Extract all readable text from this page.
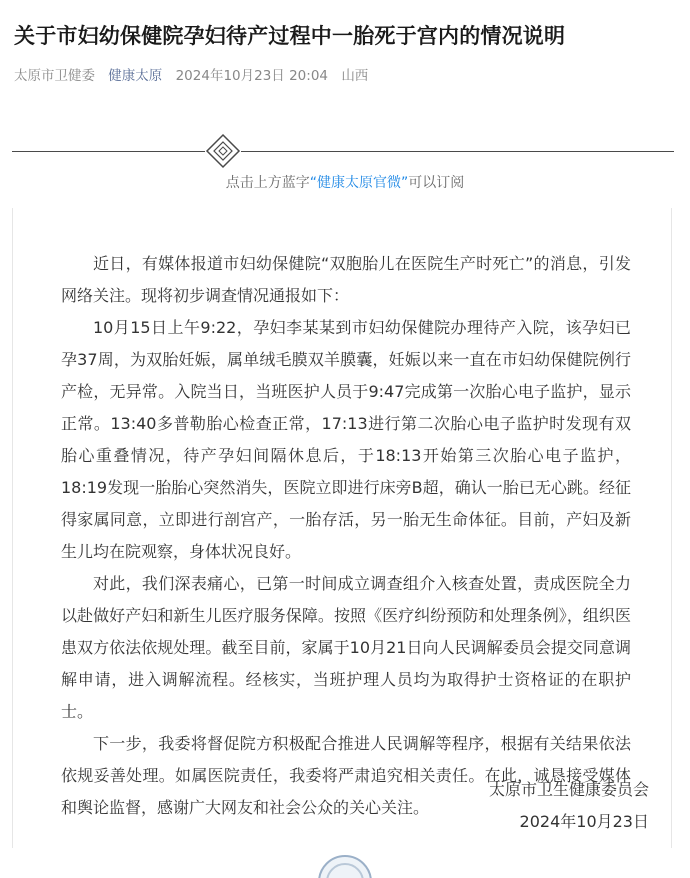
关于市妇幼保健院孕妇待产过程中一胎死于宫内的情况说明
太原市卫健委 健康太原 2024年10月23日 20:04 山西
点击上方蓝字“健康太原官微”可以订阅

近日，有媒体报道市妇幼保健院“双胞胎儿在医院生产时死亡”的消息，引发网络关注。现将初步调查情况通报如下：

10月15日上午9:22，孕妇李某某到市妇幼保健院办理待产入院，该孕妇已孕37周，为双胎妊娠，属单绒毛膜双羊膜囊，妊娠以来一直在市妇幼保健院例行产检，无异常。入院当日，当班医护人员于9:47完成第一次胎心电子监护，显示正常。13:40多普勒胎心检查正常，17:13进行第二次胎心电子监护时发现有双胎心重叠情况，待产孕妇间隔休息后，于18:13开始第三次胎心电子监护，18:19发现一胎胎心突然消失，医院立即进行床旁B超，确认一胎已无心跳。经征得家属同意，立即进行剖宫产，一胎存活，另一胎无生命体征。目前，产妇及新生儿均在院观察，身体状况良好。

对此，我们深表痛心，已第一时间成立调查组介入核查处置，责成医院全力以赴做好产妇和新生儿医疗服务保障。按照《医疗纠纷预防和处理条例》，组织医患双方依法依规处理。截至目前，家属于10月21日向人民调解委员会提交同意调解申请，进入调解流程。经核实，当班护理人员均为取得护士资格证的在职护士。

下一步，我委将督促院方积极配合推进人民调解等程序，根据有关结果依法依规妥善处理。如属医院责任，我委将严肃追究相关责任。在此，诚恳接受媒体和舆论监督，感谢广大网友和社会公众的关心关注。

太原市卫生健康委员会
2024年10月23日
